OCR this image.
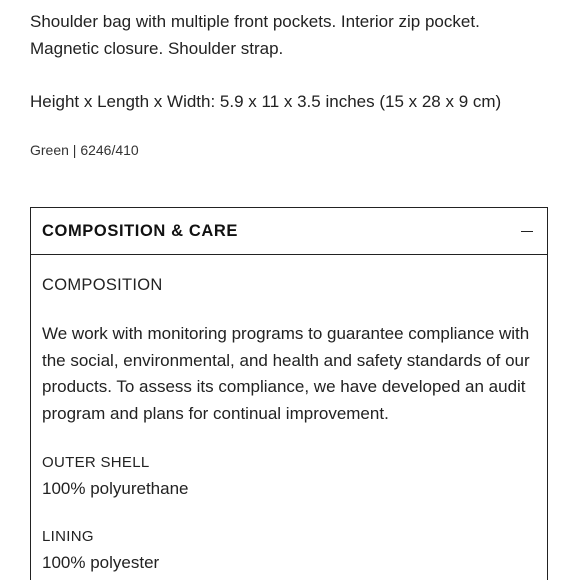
Shoulder bag with multiple front pockets. Interior zip pocket. Magnetic closure. Shoulder strap.
Height x Length x Width: 5.9 x 11 x 3.5 inches (15 x 28 x 9 cm)
Green | 6246/410
COMPOSITION & CARE
COMPOSITION
We work with monitoring programs to guarantee compliance with the social, environmental, and health and safety standards of our products. To assess its compliance, we have developed an audit program and plans for continual improvement.
OUTER SHELL
100% polyurethane
LINING
100% polyester
